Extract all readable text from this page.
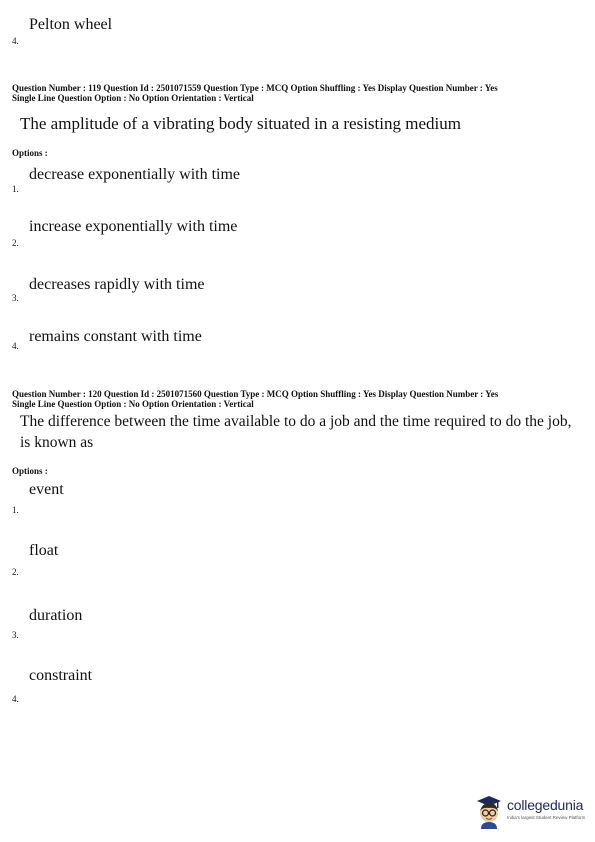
Pelton wheel
4.
Question Number : 119 Question Id : 2501071559 Question Type : MCQ Option Shuffling : Yes Display Question Number : Yes
Single Line Question Option : No Option Orientation : Vertical
The amplitude of a vibrating body situated in a resisting medium
Options :
decrease exponentially with time
1.
increase exponentially with time
2.
decreases rapidly with time
3.
remains constant with time
4.
Question Number : 120 Question Id : 2501071560 Question Type : MCQ Option Shuffling : Yes Display Question Number : Yes
Single Line Question Option : No Option Orientation : Vertical
The difference between the time available to do a job and the time required to do the job, is known as
Options :
event
1.
float
2.
duration
3.
constraint
4.
collegedunia
India's largest Student Review Platform
